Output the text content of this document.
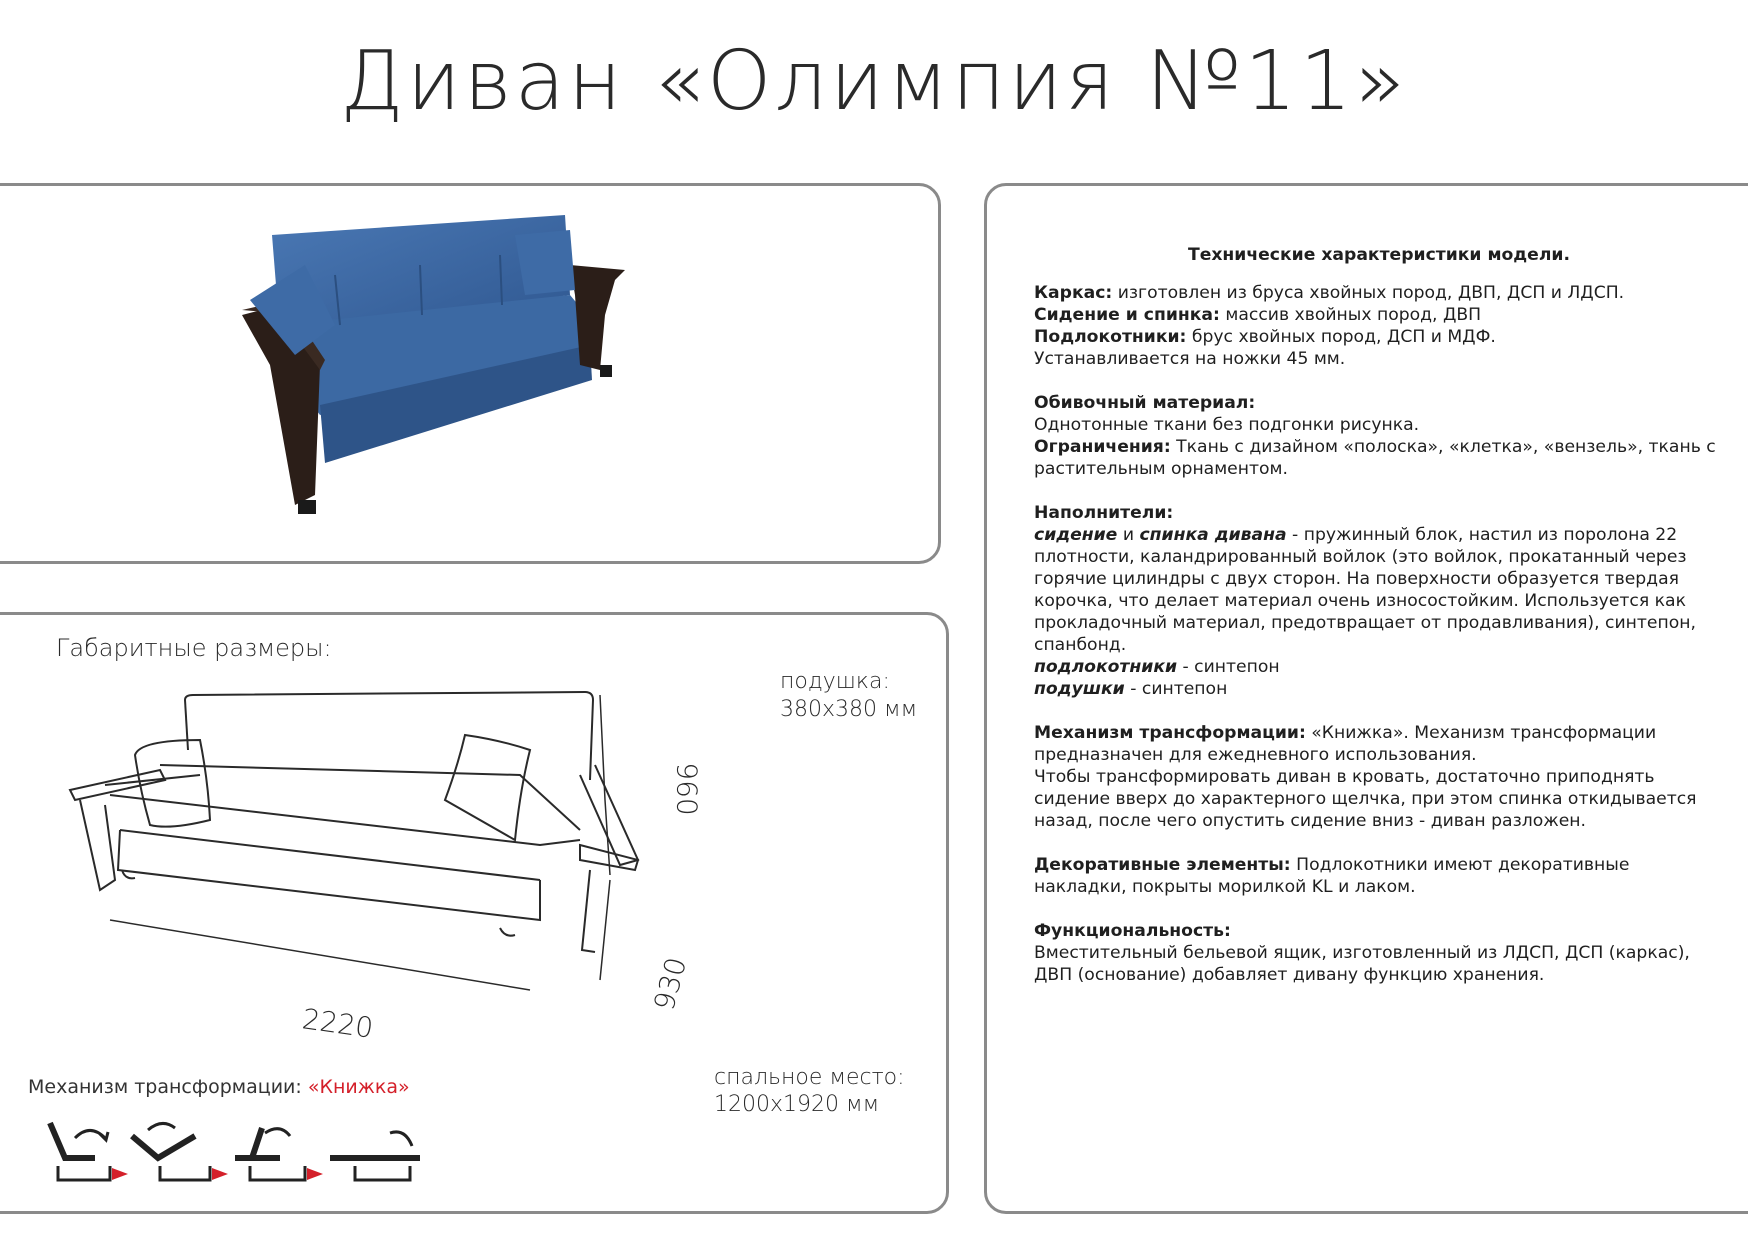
Диван «Олимпия №11»
Габаритные размеры:
подушка:
380х380 мм
960
930
2220
спальное место:
1200х1920 мм
Механизм трансформации: «Книжка»
Технические характеристики модели.

Каркас: изготовлен из бруса хвойных пород, ДВП, ДСП и ЛДСП.
Сидение и спинка: массив хвойных пород, ДВП
Подлокотники: брус хвойных пород, ДСП и МДФ.
Устанавливается на ножки 45 мм.

Обивочный материал:
Однотонные ткани без подгонки рисунка.
Ограничения: Ткань с дизайном «полоска», «клетка», «вензель», ткань с растительным орнаментом.

Наполнители:
сидение и спинка дивана - пружинный блок, настил из поролона 22 плотности, каландрированный войлок (это войлок, прокатанный через горячие цилиндры с двух сторон. На поверхности образуется твердая корочка, что делает материал очень износостойким. Используется как прокладочный материал, предотвращает от продавливания), синтепон, спанбонд.
подлокотники - синтепон
подушки - синтепон

Механизм трансформации: «Книжка». Механизм трансформации предназначен для ежедневного использования.
Чтобы трансформировать диван в кровать, достаточно приподнять сидение вверх до характерного щелчка, при этом спинка откидывается назад, после чего опустить сидение вниз - диван разложен.

Декоративные элементы: Подлокотники имеют декоративные накладки, покрыты морилкой KL и лаком.

Функциональность:
Вместительный бельевой ящик, изготовленный из ЛДСП, ДСП (каркас), ДВП (основание) добавляет дивану функцию хранения.
